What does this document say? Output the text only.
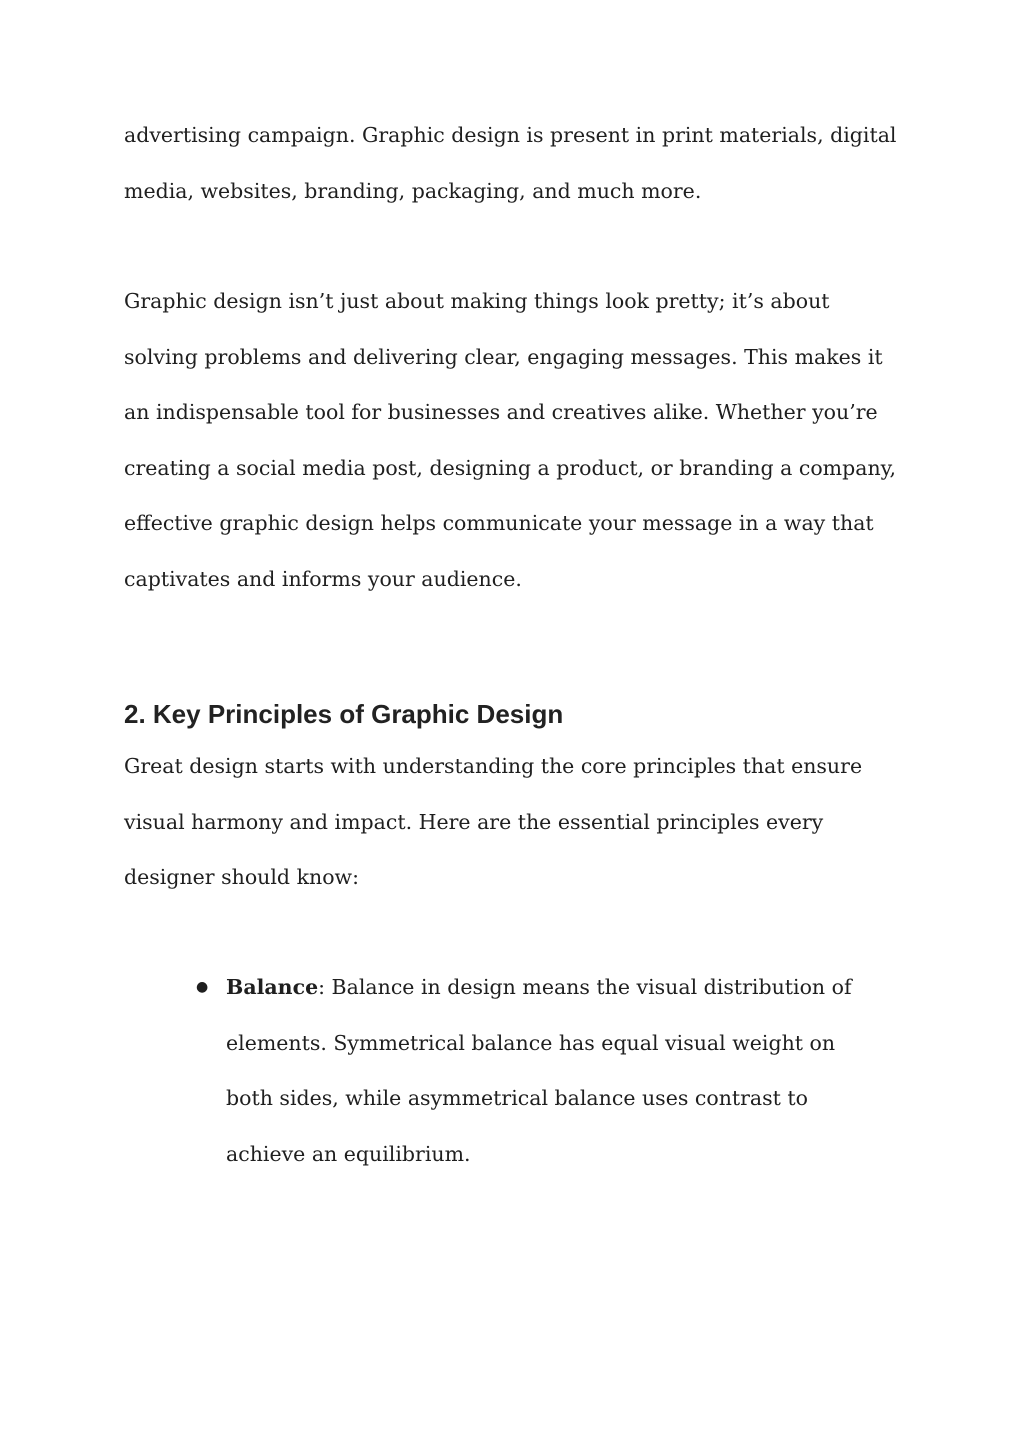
advertising campaign. Graphic design is present in print materials, digital media, websites, branding, packaging, and much more.

Graphic design isn’t just about making things look pretty; it’s about solving problems and delivering clear, engaging messages. This makes it an indispensable tool for businesses and creatives alike. Whether you’re creating a social media post, designing a product, or branding a company, effective graphic design helps communicate your message in a way that captivates and informs your audience.

2. Key Principles of Graphic Design

Great design starts with understanding the core principles that ensure visual harmony and impact. Here are the essential principles every designer should know:

● Balance: Balance in design means the visual distribution of elements. Symmetrical balance has equal visual weight on both sides, while asymmetrical balance uses contrast to achieve an equilibrium.
